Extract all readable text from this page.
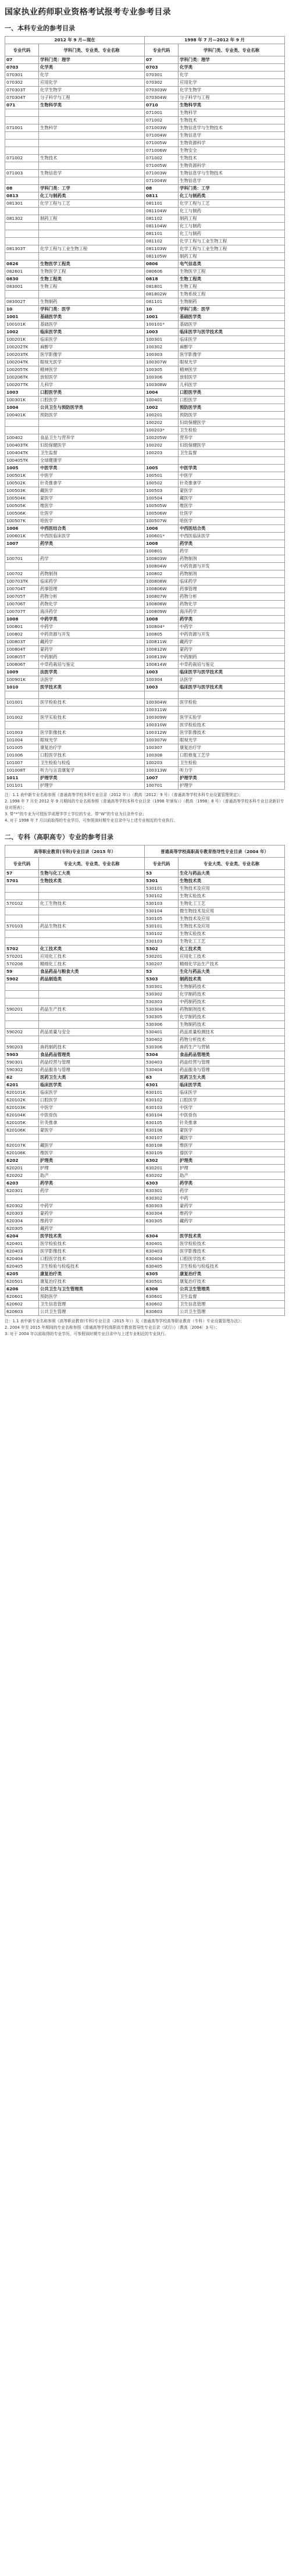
国家执业药师职业资格考试报考专业参考目录
一、本科专业的参考目录
2012 年 9 月—现在		1998 年 7 月—2012 年 9 月	
专业代码	学科门类、专业类、专业名称	专业代码	学科门类、专业类、专业名称
07	学科门类：理学	07	学科门类：理学
0703	化学类	0703	化学类
070301	化学	070301	化学
070302	应用化学	070302	应用化学
070303T	化学生物学	070303W	化学生物学
070304T	分子科学与工程	070304W	分子科学与工程
071	生物科学类	0710	生物科学类
		071001	生物科学
		071002	生物技术
071001	生物科学	071003W	生物信息学与生物技术
		071004W	生物信息学
		071005W	生物资源科学
		071006W	生物安全
071002	生物技术	071002	生物技术
		071005W	生物资源科学
071003	生物信息学	071003W	生物信息学与生物技术
		071004W	生物信息学
08	学科门类：工学	08	学科门类：工学
0813	化工与制药类	0811	化工与制药类
081301	化学工程与工艺	081101	化学工程与工艺
		081104W	化工与制药
081302	制药工程	081102	制药工程
		081104W	化工与制药
		081101	化工与制药
		081102	化学工程与工业生物工程
081303T	化学工程与工业生物工程	081103W	化学工程与工业生物工程
		081105W	制药工程
0826	生物医学工程类	0806	电气信息类
082601	生物医学工程	080606	生物医学工程
0830	生物工程类	0818	生物工程类
083001	生物工程	081801	生物工程
		081802W	生物系统工程
083002T	生物制药	081101	生物制药
10	学科门类：医学	10	学科门类：医学
1001	基础医学类	1001	基础医学类
100101K	基础医学	100101*	基础医学
1002	临床医学类	1003	临床医学与医学技术类
100201K	临床医学	100301	临床医学
100202TK	麻醉学	100302	麻醉学
100203TK	医学影像学	100303	医学影像学
100204TK	眼视光医学	100307W	眼视光学
100205TK	精神医学	100305	精神医学
100206TK	放射医学	100306	放射医学
100207TK	儿科学	100308W	儿科医学
1003	口腔医学类	1004	口腔医学类
100301K	口腔医学	100401	口腔医学
1004	公共卫生与预防医学类	1002	预防医学类
100401K	预防医学	100201	预防医学
		100202	妇幼保健医学
		100203*	卫生检验
100402	食品卫生与营养学	100205W	营养学
100403TK	妇幼保健医学	100202	妇幼保健医学
100404TK	卫生监督	100203	卫生监督
100405TK	全球健康学		
1005	中医学类	1005	中医学类
100501K	中医学	100501	中医学
100502K	针灸推拿学	100502	针灸推拿学
100503K	藏医学	100503	蒙医学
100504K	蒙医学	100504	藏医学
100505K	维医学	100505W	维医学
100506K	壮医学	100506W	壮医学
100507K	哈医学	100507W	哈医学
1006	中西医结合类	1006	中西医结合类
100601K	中西医临床医学	100601*	中西医临床医学
1007	药学类	1008	药学类
		100801	药学
100701	药学	100803W	药物制剂
		100804W	中药资源与开发
100702	药物制剂	100802	药物制剂
100703TK	临床药学	100808W	临床药学
100704T	药事管理	100806W	药事管理
100705T	药物分析	100807W	药物分析
100706T	药物化学	100808W	药物化学
100707T	海洋药学	100809W	海洋药学
1008	中药学类	1008	药学类
100801	中药学	100804*	中药学
100802	中药资源与开发	100805	中药资源与开发
100803T	藏药学	100811W	藏药学
100804T	蒙药学	100812W	蒙药学
100805T	中药制药	100813W	中药制药
100806T	中草药栽培与鉴定	100814W	中草药栽培与鉴定
1009	法医学类	1003	临床医学与医学技术类
100901K	法医学	100304	法医学
1010	医学技术类	1003	临床医学与医学技术类

101001	医学检验技术	100304W	医学检验
		100311W	
101002	医学实验技术	100309W	医学实验学
		100310W	医学检验技术
101003	医学影像技术	100312W	医学影像技术
101004	眼视光学	100307W	眼视光学
101005	康复治疗学	100307	康复治疗学
101006	口腔医学技术	100308	口腔修复工艺学
101007	卫生检验与检疫	100203	卫生检验
101008T	听力与言语康复学	100313W	听力学
1011	护理学类	1007	护理学类
101101	护理学	100701	护理学

注：1.1 表中新专业名称参照《普通高等学校本科专业目录（2012 年）》（教高〔2012〕9 号）《普通高等学校本科专业设置管理规定》；

2. 1998 年 7 月至 2012 年 9 月期间的专业名称参照《普通高等学校本科专业目录（1998 年颁布）》（教高〔1998〕8 号）《普通高等学校本科专业目录新旧专业对照表》；

3. 带“*”的专业为可授医学或理学学士学位的专业。带“W”的专业为目录外专业；

4. 对于 1998 年 7 月以前取得的专业学历，可参照该时期专业目录中与上述专业相近的专业执行。

二、专科（高职高专）专业的参考目录
高等职业教育(专科)专业目录（2015 年）		普通高等学校高职高专教育指导性专业目录（2004 年）	
专业代码	专业大类、专业类、专业名称	专业代码	专业大类、专业类、专业名称
57	生物与化工大类	53	生化与药品大类
5701	生物技术类	5301	生物技术类
		530101	生物技术及应用
		530102	生物实验技术
570102	化工生物技术	530103	生物化工工艺
		530104	微生物技术及应用
		530105	生物技术及应用
570103	药品生物技术	530101	生物技术及应用
		530102	生物实验技术
		530103	生物化工工艺
5702	化工技术类	5302	化工技术类
570201	应用化工技术	530201	应用化工技术
570208	精细化工技术	530207	精细化学品生产技术
59	食品药品与粮食大类	53	生化与药品大类
5902	药品制造类	5303	制药技术类
		530301	生物制药技术
		530302	化学制药技术
		530303	中药制药技术
590201	药品生产技术	530304	药物制剂技术
		530305	化学制药技术
		530306	生物制药技术
590202	药品质量与安全	530401	药品质量检测技术
		530402	药物分析技术
590203	兽药制药技术	530306	兽药生产与营销
5903	食品药品管理类	5304	食品药品管理类
590301	药品经营与管理	530403	药品经营与管理
590302	药品服务与管理	530404	药品服务与管理
62	医药卫生大类	63	医药卫生大类
6201	临床医学类	6301	临床医学类
620101K	临床医学	630101	临床医学
620102K	口腔医学	630102	口腔医学
620103K	中医学	630103	中医学
620104K	中医骨伤	630104	中医骨伤
620105K	针灸推拿	630105	针灸推拿
620106K	蒙医学	630106	蒙医学
		630107	藏医学
620107K	藏医学	630108	维医学
620108K	维医学	630109	傣医学
6202	护理类	6302	护理类
620201	护理	630201	护理
620202	助产	630202	助产
6203	药学类	6303	药学类
620301	药学	630301	药学
		630302	中药
620302	中药学	630303	蒙药学
620303	蒙药学	630304	维药学
620304	维药学	630305	藏药学
620305	藏药学		
6204	医学技术类	6304	医学技术类
620401	医学检验技术	630401	医学检验技术
620403	医学影像技术	630403	医学影像技术
620404	口腔医学技术	630404	口腔医学技术
620405	卫生检验与检疫技术	630405	卫生检验与检疫技术
6205	康复治疗类	6305	康复治疗类
620501	康复治疗技术	630501	康复治疗技术
6206	公共卫生与卫生管理类	6306	公共卫生管理类
620601	预防医学	630601	卫生监督
620602	卫生信息管理	630602	卫生信息管理
620603	公共卫生管理	630603	公共卫生管理

注：1.1 表中新专业名称参照《高等职业教育(专科)专业目录（2015 年）》及《普通高等学校高等职业教育（专科）专业设置管理办法》；

2. 2004 年至 2015 年期间的专业名称参照《普通高等学校高职高专教育指导性专业目录（试行）》（教高〔2004〕3 号）；

3. 对于 2004 年以前取得的专业学历，可参照该时期专业目录中与上述专业相近的专业执行。
